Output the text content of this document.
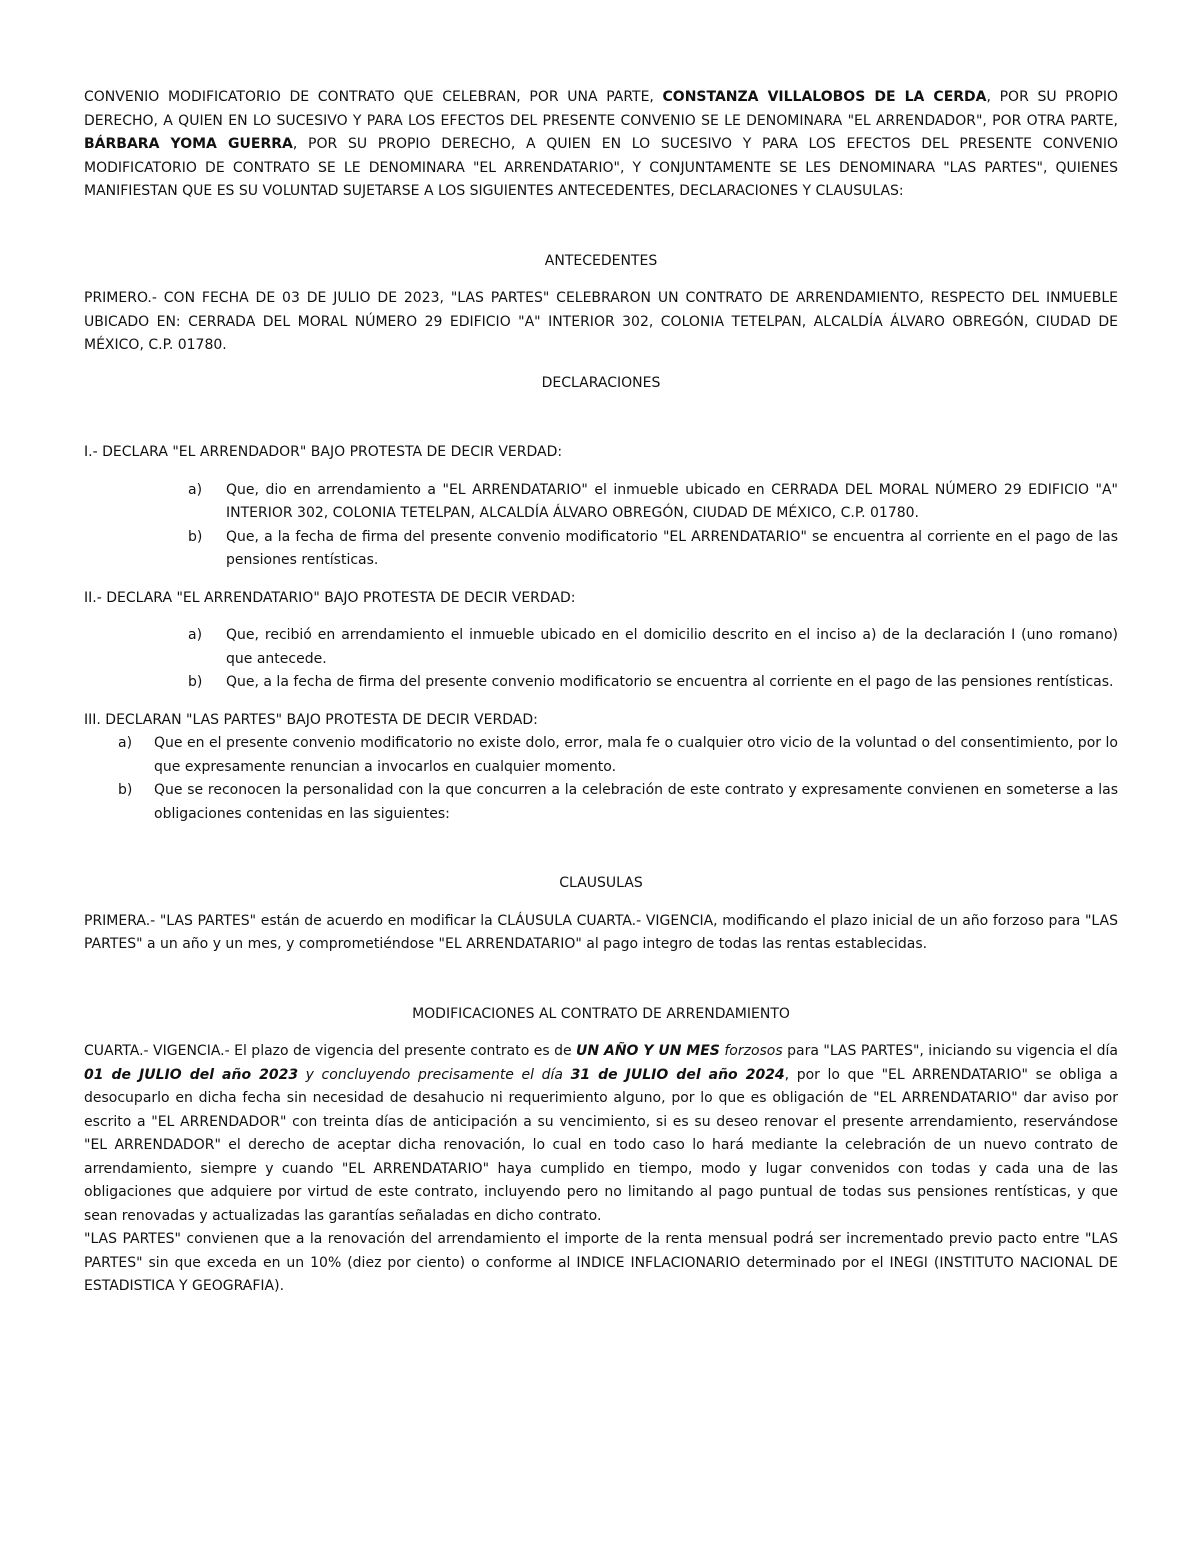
CONVENIO MODIFICATORIO DE CONTRATO QUE CELEBRAN, POR UNA PARTE, CONSTANZA VILLALOBOS DE LA CERDA, POR SU PROPIO DERECHO, A QUIEN EN LO SUCESIVO Y PARA LOS EFECTOS DEL PRESENTE CONVENIO SE LE DENOMINARA "EL ARRENDADOR", POR OTRA PARTE, BÁRBARA YOMA GUERRA, POR SU PROPIO DERECHO, A QUIEN EN LO SUCESIVO Y PARA LOS EFECTOS DEL PRESENTE CONVENIO MODIFICATORIO DE CONTRATO SE LE DENOMINARA "EL ARRENDATARIO", Y CONJUNTAMENTE SE LES DENOMINARA "LAS PARTES", QUIENES MANIFIESTAN QUE ES SU VOLUNTAD SUJETARSE A LOS SIGUIENTES ANTECEDENTES, DECLARACIONES Y CLAUSULAS:

ANTECEDENTES

PRIMERO.- CON FECHA DE 03 DE JULIO DE 2023, "LAS PARTES" CELEBRARON UN CONTRATO DE ARRENDAMIENTO, RESPECTO DEL INMUEBLE UBICADO EN: CERRADA DEL MORAL NÚMERO 29 EDIFICIO "A" INTERIOR 302, COLONIA TETELPAN, ALCALDÍA ÁLVARO OBREGÓN, CIUDAD DE MÉXICO, C.P. 01780.

DECLARACIONES

I.- DECLARA "EL ARRENDADOR" BAJO PROTESTA DE DECIR VERDAD:

a) Que, dio en arrendamiento a "EL ARRENDATARIO" el inmueble ubicado en CERRADA DEL MORAL NÚMERO 29 EDIFICIO "A" INTERIOR 302, COLONIA TETELPAN, ALCALDÍA ÁLVARO OBREGÓN, CIUDAD DE MÉXICO, C.P. 01780.
b) Que, a la fecha de firma del presente convenio modificatorio "EL ARRENDATARIO" se encuentra al corriente en el pago de las pensiones rentísticas.

II.- DECLARA "EL ARRENDATARIO" BAJO PROTESTA DE DECIR VERDAD:

a) Que, recibió en arrendamiento el inmueble ubicado en el domicilio descrito en el inciso a) de la declaración I (uno romano) que antecede.
b) Que, a la fecha de firma del presente convenio modificatorio se encuentra al corriente en el pago de las pensiones rentísticas.

III. DECLARAN "LAS PARTES" BAJO PROTESTA DE DECIR VERDAD:

a) Que en el presente convenio modificatorio no existe dolo, error, mala fe o cualquier otro vicio de la voluntad o del consentimiento, por lo que expresamente renuncian a invocarlos en cualquier momento.
b) Que se reconocen la personalidad con la que concurren a la celebración de este contrato y expresamente convienen en someterse a las obligaciones contenidas en las siguientes:

CLAUSULAS

PRIMERA.- "LAS PARTES" están de acuerdo en modificar la CLÁUSULA CUARTA.- VIGENCIA, modificando el plazo inicial de un año forzoso para "LAS PARTES" a un año y un mes, y comprometiéndose "EL ARRENDATARIO" al pago integro de todas las rentas establecidas.

MODIFICACIONES AL CONTRATO DE ARRENDAMIENTO

CUARTA.- VIGENCIA.- El plazo de vigencia del presente contrato es de UN AÑO Y UN MES forzosos para "LAS PARTES", iniciando su vigencia el día 01 de JULIO del año 2023 y concluyendo precisamente el día 31 de JULIO del año 2024, por lo que "EL ARRENDATARIO" se obliga a desocuparlo en dicha fecha sin necesidad de desahucio ni requerimiento alguno, por lo que es obligación de "EL ARRENDATARIO" dar aviso por escrito a "EL ARRENDADOR" con treinta días de anticipación a su vencimiento, si es su deseo renovar el presente arrendamiento, reservándose "EL ARRENDADOR" el derecho de aceptar dicha renovación, lo cual en todo caso lo hará mediante la celebración de un nuevo contrato de arrendamiento, siempre y cuando "EL ARRENDATARIO" haya cumplido en tiempo, modo y lugar convenidos con todas y cada una de las obligaciones que adquiere por virtud de este contrato, incluyendo pero no limitando al pago puntual de todas sus pensiones rentísticas, y que sean renovadas y actualizadas las garantías señaladas en dicho contrato.

"LAS PARTES" convienen que a la renovación del arrendamiento el importe de la renta mensual podrá ser incrementado previo pacto entre "LAS PARTES" sin que exceda en un 10% (diez por ciento) o conforme al INDICE INFLACIONARIO determinado por el INEGI (INSTITUTO NACIONAL DE ESTADISTICA Y GEOGRAFIA).
